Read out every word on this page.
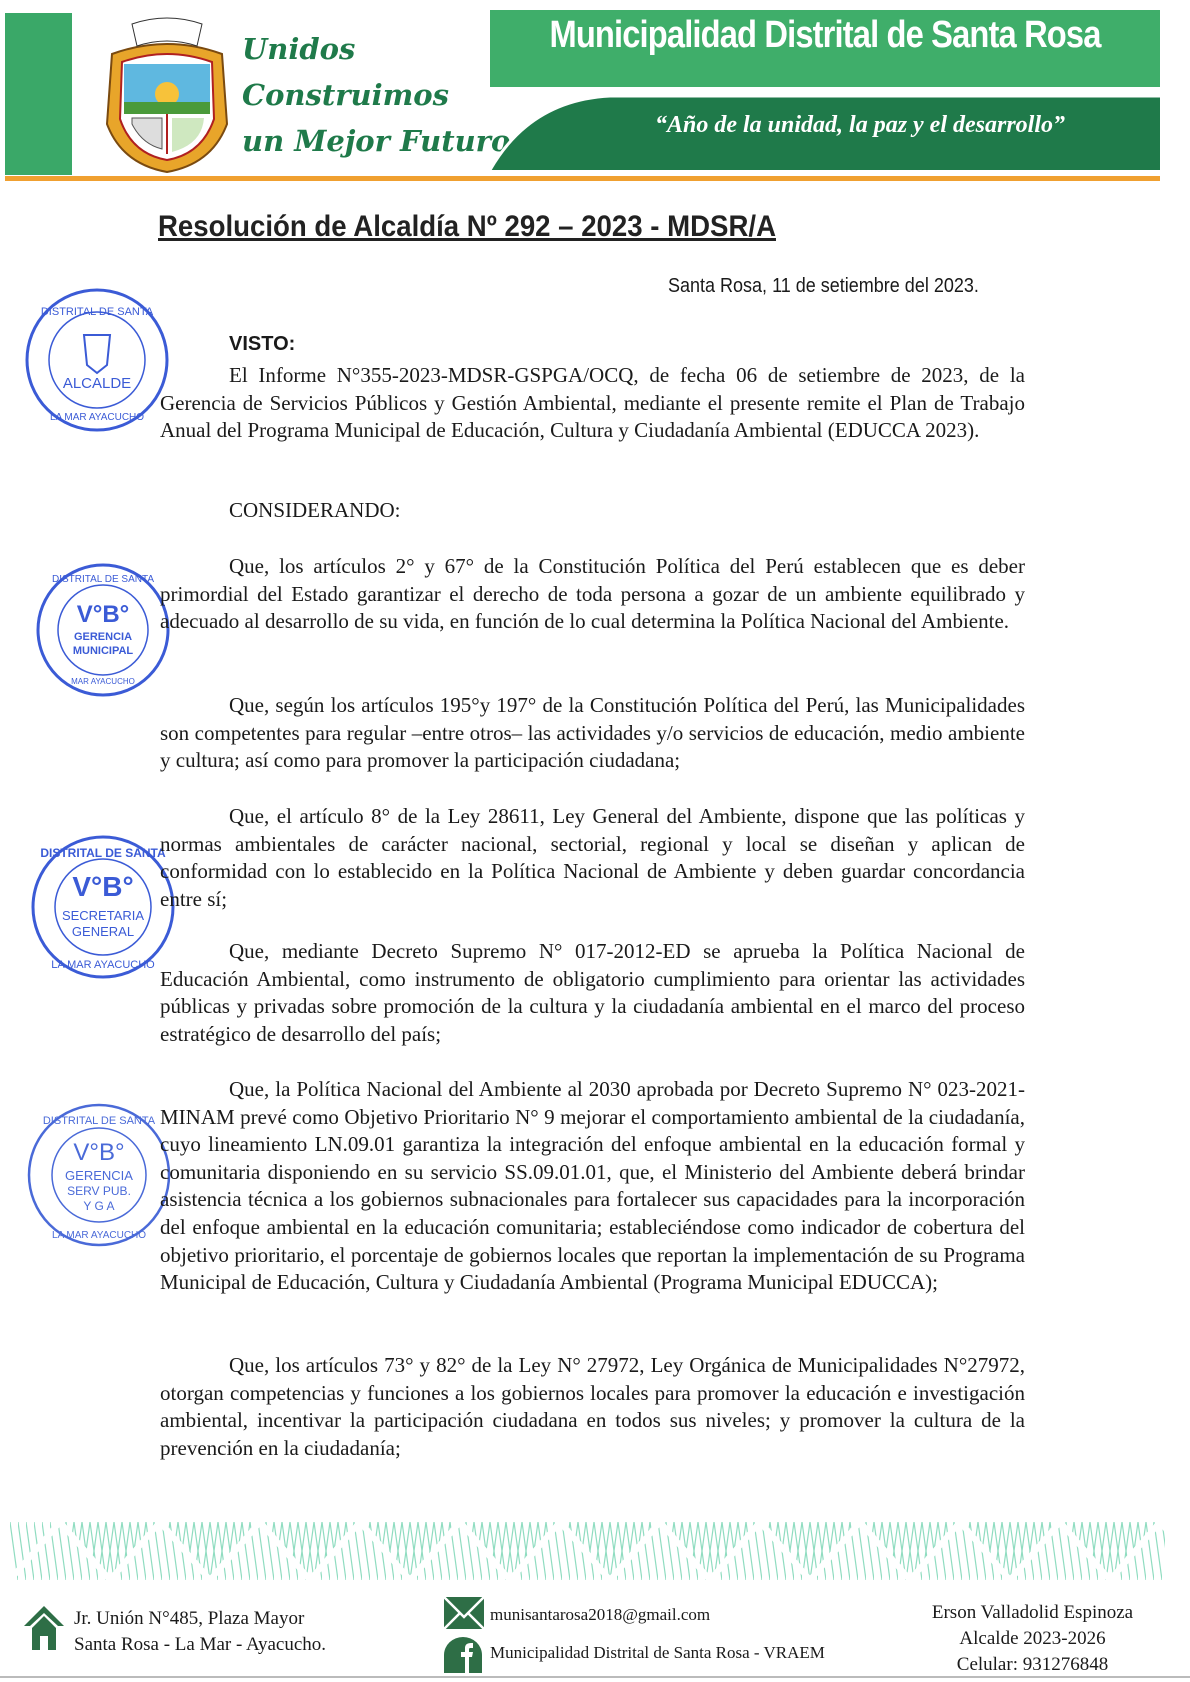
Unidos
Construimos
un Mejor Futuro
Municipalidad Distrital de Santa Rosa
“Año de la unidad, la paz y el desarrollo”
Resolución de Alcaldía Nº 292 – 2023 - MDSR/A
Santa Rosa, 11 de setiembre del 2023.
DISTRITAL DE SANTA
LA MAR AYACUCHO
ALCALDE
DISTRITAL DE SANTA
V°B°
GERENCIA
MUNICIPAL
MAR AYACUCHO
DISTRITAL DE SANTA
V°B°
SECRETARIA
GENERAL
LA MAR AYACUCHO
DISTRITAL DE SANTA
V°B°
GERENCIA
SERV PUB.
Y G A
LA MAR AYACUCHO
VISTO:
El Informe N°355-2023-MDSR-GSPGA/OCQ, de fecha 06 de setiembre de 2023, de la Gerencia de Servicios Públicos y Gestión Ambiental, mediante el presente remite el Plan de Trabajo Anual del Programa Municipal de Educación, Cultura y Ciudadanía Ambiental (EDUCCA 2023).
CONSIDERANDO:
Que, los artículos 2° y 67° de la Constitución Política del Perú establecen que es deber primordial del Estado garantizar el derecho de toda persona a gozar de un ambiente equilibrado y adecuado al desarrollo de su vida, en función de lo cual determina la Política Nacional del Ambiente.
Que, según los artículos 195°y 197° de la Constitución Política del Perú, las Municipalidades son competentes para regular –entre otros– las actividades y/o servicios de educación, medio ambiente y cultura; así como para promover la participación ciudadana;
Que, el artículo 8° de la Ley 28611, Ley General del Ambiente, dispone que las políticas y normas ambientales de carácter nacional, sectorial, regional y local se diseñan y aplican de conformidad con lo establecido en la Política Nacional de Ambiente y deben guardar concordancia entre sí;
Que, mediante Decreto Supremo N° 017-2012-ED se aprueba la Política Nacional de Educación Ambiental, como instrumento de obligatorio cumplimiento para orientar las actividades públicas y privadas sobre promoción de la cultura y la ciudadanía ambiental en el marco del proceso estratégico de desarrollo del país;
Que, la Política Nacional del Ambiente al 2030 aprobada por Decreto Supremo N° 023-2021-MINAM prevé como Objetivo Prioritario N° 9 mejorar el comportamiento ambiental de la ciudadanía, cuyo lineamiento LN.09.01 garantiza la integración del enfoque ambiental en la educación formal y comunitaria disponiendo en su servicio SS.09.01.01, que, el Ministerio del Ambiente deberá brindar asistencia técnica a los gobiernos subnacionales para fortalecer sus capacidades para la incorporación del enfoque ambiental en la educación comunitaria; estableciéndose como indicador de cobertura del objetivo prioritario, el porcentaje de gobiernos locales que reportan la implementación de su Programa Municipal de Educación, Cultura y Ciudadanía Ambiental (Programa Municipal EDUCCA);
Que, los artículos 73° y 82° de la Ley N° 27972, Ley Orgánica de Municipalidades N°27972, otorgan competencias y funciones a los gobiernos locales para promover la educación e investigación ambiental, incentivar la participación ciudadana en todos sus niveles; y promover la cultura de la prevención en la ciudadanía;
Jr. Unión N°485, Plaza Mayor
Santa Rosa - La Mar - Ayacucho.
munisantarosa2018@gmail.com
Municipalidad Distrital de Santa Rosa - VRAEM
Erson Valladolid Espinoza
Alcalde 2023-2026
Celular: 931276848
